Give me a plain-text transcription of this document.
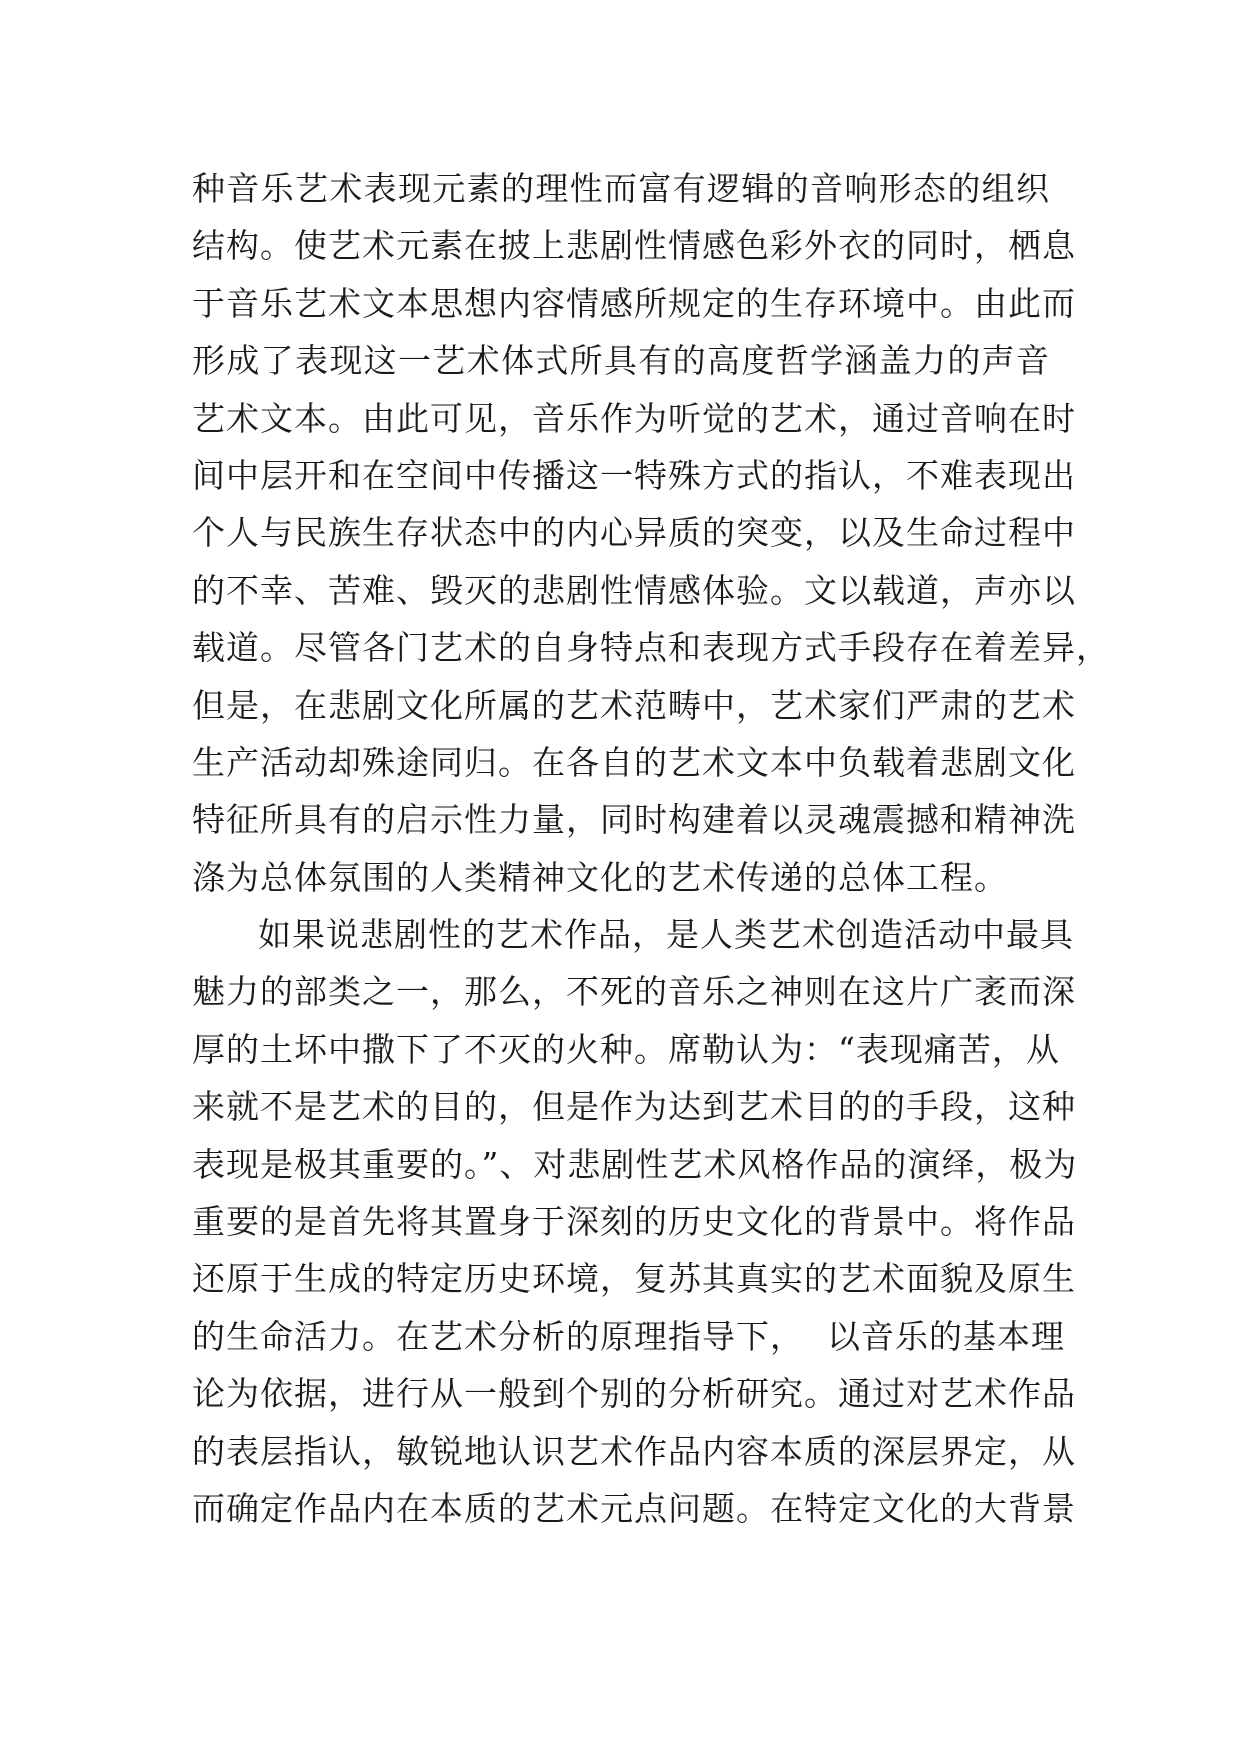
种音乐艺术表现元素的理性而富有逻辑的音响形态的组织
结构。使艺术元素在披上悲剧性情感色彩外衣的同时，栖息
于音乐艺术文本思想内容情感所规定的生存环境中。由此而
形成了表现这一艺术体式所具有的高度哲学涵盖力的声音
艺术文本。由此可见，音乐作为听觉的艺术，通过音响在时
间中层开和在空间中传播这一特殊方式的指认，不难表现出
个人与民族生存状态中的内心异质的突变，以及生命过程中
的不幸、苦难、毁灭的悲剧性情感体验。文以载道，声亦以
载道。尽管各门艺术的自身特点和表现方式手段存在着差异，
但是，在悲剧文化所属的艺术范畴中，艺术家们严肃的艺术
生产活动却殊途同归。在各自的艺术文本中负载着悲剧文化
特征所具有的启示性力量，同时构建着以灵魂震撼和精神洗
涤为总体氛围的人类精神文化的艺术传递的总体工程。
如果说悲剧性的艺术作品，是人类艺术创造活动中最具
魅力的部类之一，那么，不死的音乐之神则在这片广袤而深
厚的土坏中撒下了不灭的火种。席勒认为：“表现痛苦，从
来就不是艺术的目的，但是作为达到艺术目的的手段，这种
表现是极其重要的。”、对悲剧性艺术风格作品的演绎，极为
重要的是首先将其置身于深刻的历史文化的背景中。将作品
还原于生成的特定历史环境，复苏其真实的艺术面貌及原生
的生命活力。在艺术分析的原理指导下，  以音乐的基本理
论为依据，进行从一般到个别的分析研究。通过对艺术作品
的表层指认，敏锐地认识艺术作品内容本质的深层界定，从
而确定作品内在本质的艺术元点问题。在特定文化的大背景
